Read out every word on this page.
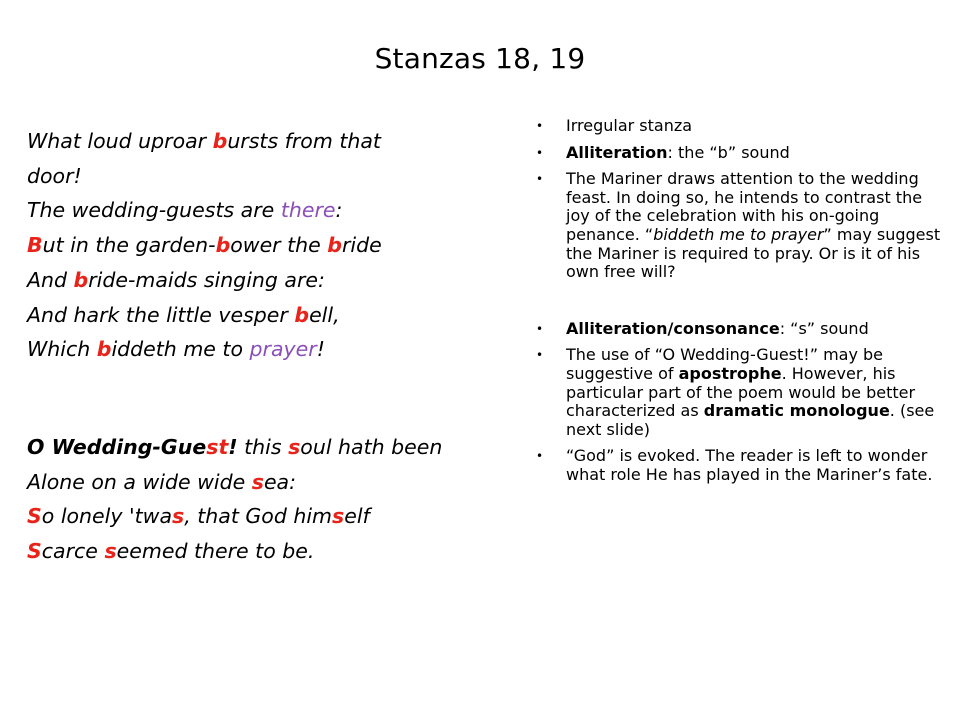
Stanzas 18, 19
What loud uproar bursts from that
door!
The wedding-guests are there:
But in the garden-bower the bride
And bride-maids singing are:
And hark the little vesper bell,
Which biddeth me to prayer!
O Wedding-Guest! this soul hath been
Alone on a wide wide sea:
So lonely 'twas, that God himself
Scarce seemed there to be.
• Irregular stanza
• Alliteration: the “b” sound
• The Mariner draws attention to the wedding feast. In doing so, he intends to contrast the joy of the celebration with his on-going penance. “biddeth me to prayer” may suggest the Mariner is required to pray. Or is it of his own free will?
• Alliteration/consonance: “s” sound
• The use of “O Wedding-Guest!” may be suggestive of apostrophe. However, his particular part of the poem would be better characterized as dramatic monologue. (see next slide)
• “God” is evoked. The reader is left to wonder what role He has played in the Mariner’s fate.
